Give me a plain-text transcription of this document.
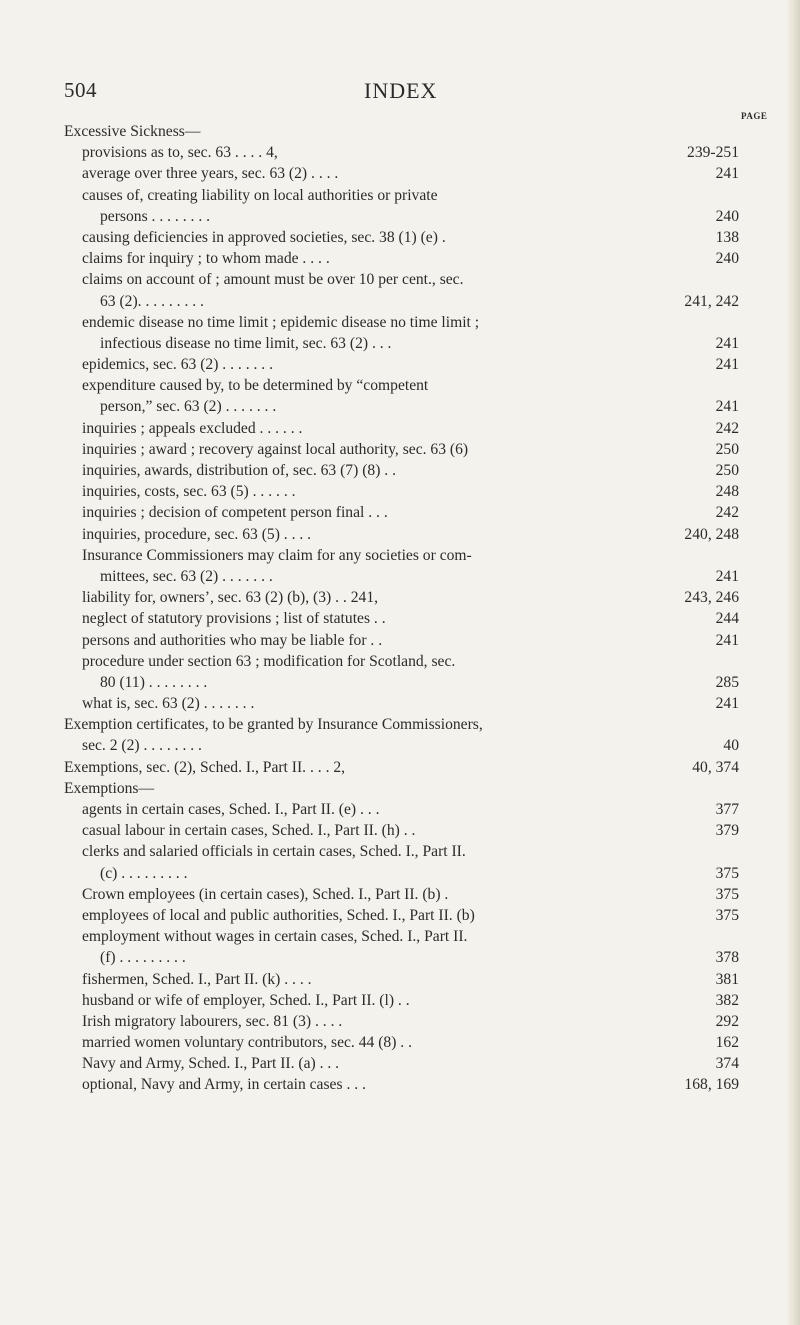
504	INDEX
PAGE
Excessive Sickness—
provisions as to, sec. 63 . . . . 4,	239-251
average over three years, sec. 63 (2) . . . .	241
causes of, creating liability on local authorities or private
persons . . . . . . . .	240
causing deficiencies in approved societies, sec. 38 (1) (e) .	138
claims for inquiry ; to whom made . . . .	240
claims on account of ; amount must be over 10 per cent., sec.
63 (2). . . . . . . . .	241, 242
endemic disease no time limit ; epidemic disease no time limit ;
infectious disease no time limit, sec. 63 (2) . . .	241
epidemics, sec. 63 (2) . . . . . . .	241
expenditure caused by, to be determined by “competent
person,” sec. 63 (2) . . . . . . .	241
inquiries ; appeals excluded . . . . . .	242
inquiries ; award ; recovery against local authority, sec. 63 (6)	250
inquiries, awards, distribution of, sec. 63 (7) (8) . .	250
inquiries, costs, sec. 63 (5) . . . . . .	248
inquiries ; decision of competent person final . . .	242
inquiries, procedure, sec. 63 (5) . . . .	240, 248
Insurance Commissioners may claim for any societies or com-
mittees, sec. 63 (2) . . . . . . .	241
liability for, owners’, sec. 63 (2) (b), (3) . . 241,	243, 246
neglect of statutory provisions ; list of statutes . .	244
persons and authorities who may be liable for . .	241
procedure under section 63 ; modification for Scotland, sec.
80 (11) . . . . . . . .	285
what is, sec. 63 (2) . . . . . . .	241
Exemption certificates, to be granted by Insurance Commissioners,
sec. 2 (2) . . . . . . . .	40
Exemptions, sec. (2), Sched. I., Part II. . . . 2,	40, 374
Exemptions—
agents in certain cases, Sched. I., Part II. (e) . . .	377
casual labour in certain cases, Sched. I., Part II. (h) . .	379
clerks and salaried officials in certain cases, Sched. I., Part II.
(c) . . . . . . . . .	375
Crown employees (in certain cases), Sched. I., Part II. (b) .	375
employees of local and public authorities, Sched. I., Part II. (b)	375
employment without wages in certain cases, Sched. I., Part II.
(f) . . . . . . . . .	378
fishermen, Sched. I., Part II. (k) . . . .	381
husband or wife of employer, Sched. I., Part II. (l) . .	382
Irish migratory labourers, sec. 81 (3) . . . .	292
married women voluntary contributors, sec. 44 (8) . .	162
Navy and Army, Sched. I., Part II. (a) . . .	374
optional, Navy and Army, in certain cases . . .	168, 169
